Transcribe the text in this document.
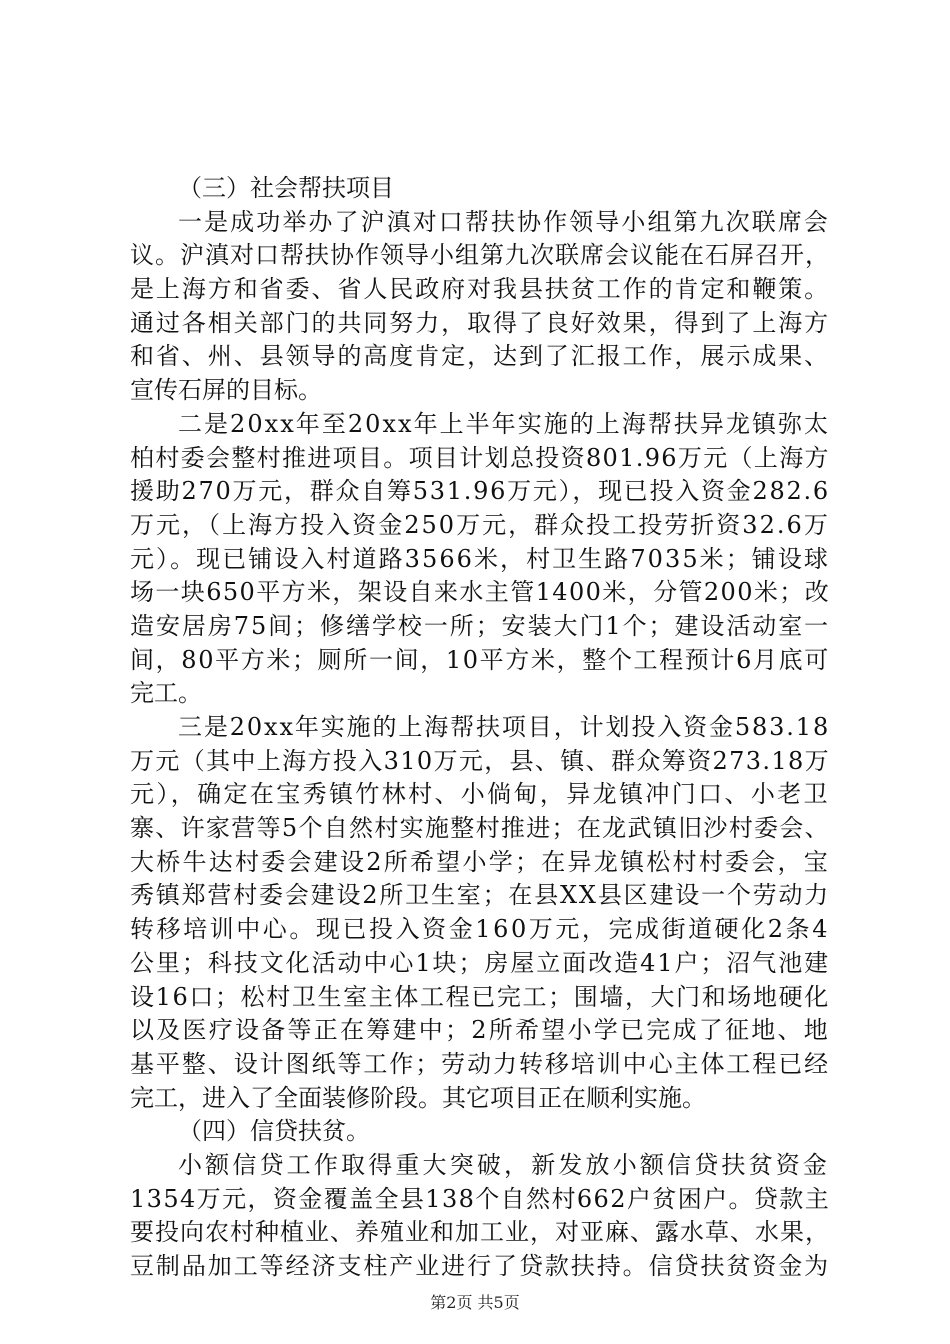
（三）社会帮扶项目
一是成功举办了沪滇对口帮扶协作领导小组第九次联席会
议。沪滇对口帮扶协作领导小组第九次联席会议能在石屏召开，
是上海方和省委、省人民政府对我县扶贫工作的肯定和鞭策。
通过各相关部门的共同努力，取得了良好效果，得到了上海方
和省、州、县领导的高度肯定，达到了汇报工作，展示成果、
宣传石屏的目标。
二是20xx年至20xx年上半年实施的上海帮扶异龙镇弥太
柏村委会整村推进项目。项目计划总投资801.96万元（上海方
援助270万元，群众自筹531.96万元），现已投入资金282.6
万元，（上海方投入资金250万元，群众投工投劳折资32.6万
元）。现已铺设入村道路3566米，村卫生路7035米；铺设球
场一块650平方米，架设自来水主管1400米，分管200米；改
造安居房75间；修缮学校一所；安装大门1个；建设活动室一
间，80平方米；厕所一间，10平方米，整个工程预计6月底可
完工。
三是20xx年实施的上海帮扶项目，计划投入资金583.18
万元（其中上海方投入310万元，县、镇、群众筹资273.18万
元），确定在宝秀镇竹林村、小倘甸，异龙镇冲门口、小老卫
寨、许家营等5个自然村实施整村推进；在龙武镇旧沙村委会、
大桥牛达村委会建设2所希望小学；在异龙镇松村村委会，宝
秀镇郑营村委会建设2所卫生室；在县XX县区建设一个劳动力
转移培训中心。现已投入资金160万元，完成街道硬化2条4
公里；科技文化活动中心1块；房屋立面改造41户；沼气池建
设16口；松村卫生室主体工程已完工；围墙，大门和场地硬化
以及医疗设备等正在筹建中；2所希望小学已完成了征地、地
基平整、设计图纸等工作；劳动力转移培训中心主体工程已经
完工，进入了全面装修阶段。其它项目正在顺利实施。
（四）信贷扶贫。
小额信贷工作取得重大突破，新发放小额信贷扶贫资金
1354万元，资金覆盖全县138个自然村662户贫困户。贷款主
要投向农村种植业、养殖业和加工业，对亚麻、露水草、水果，
豆制品加工等经济支柱产业进行了贷款扶持。信贷扶贫资金为
第2页 共5页
